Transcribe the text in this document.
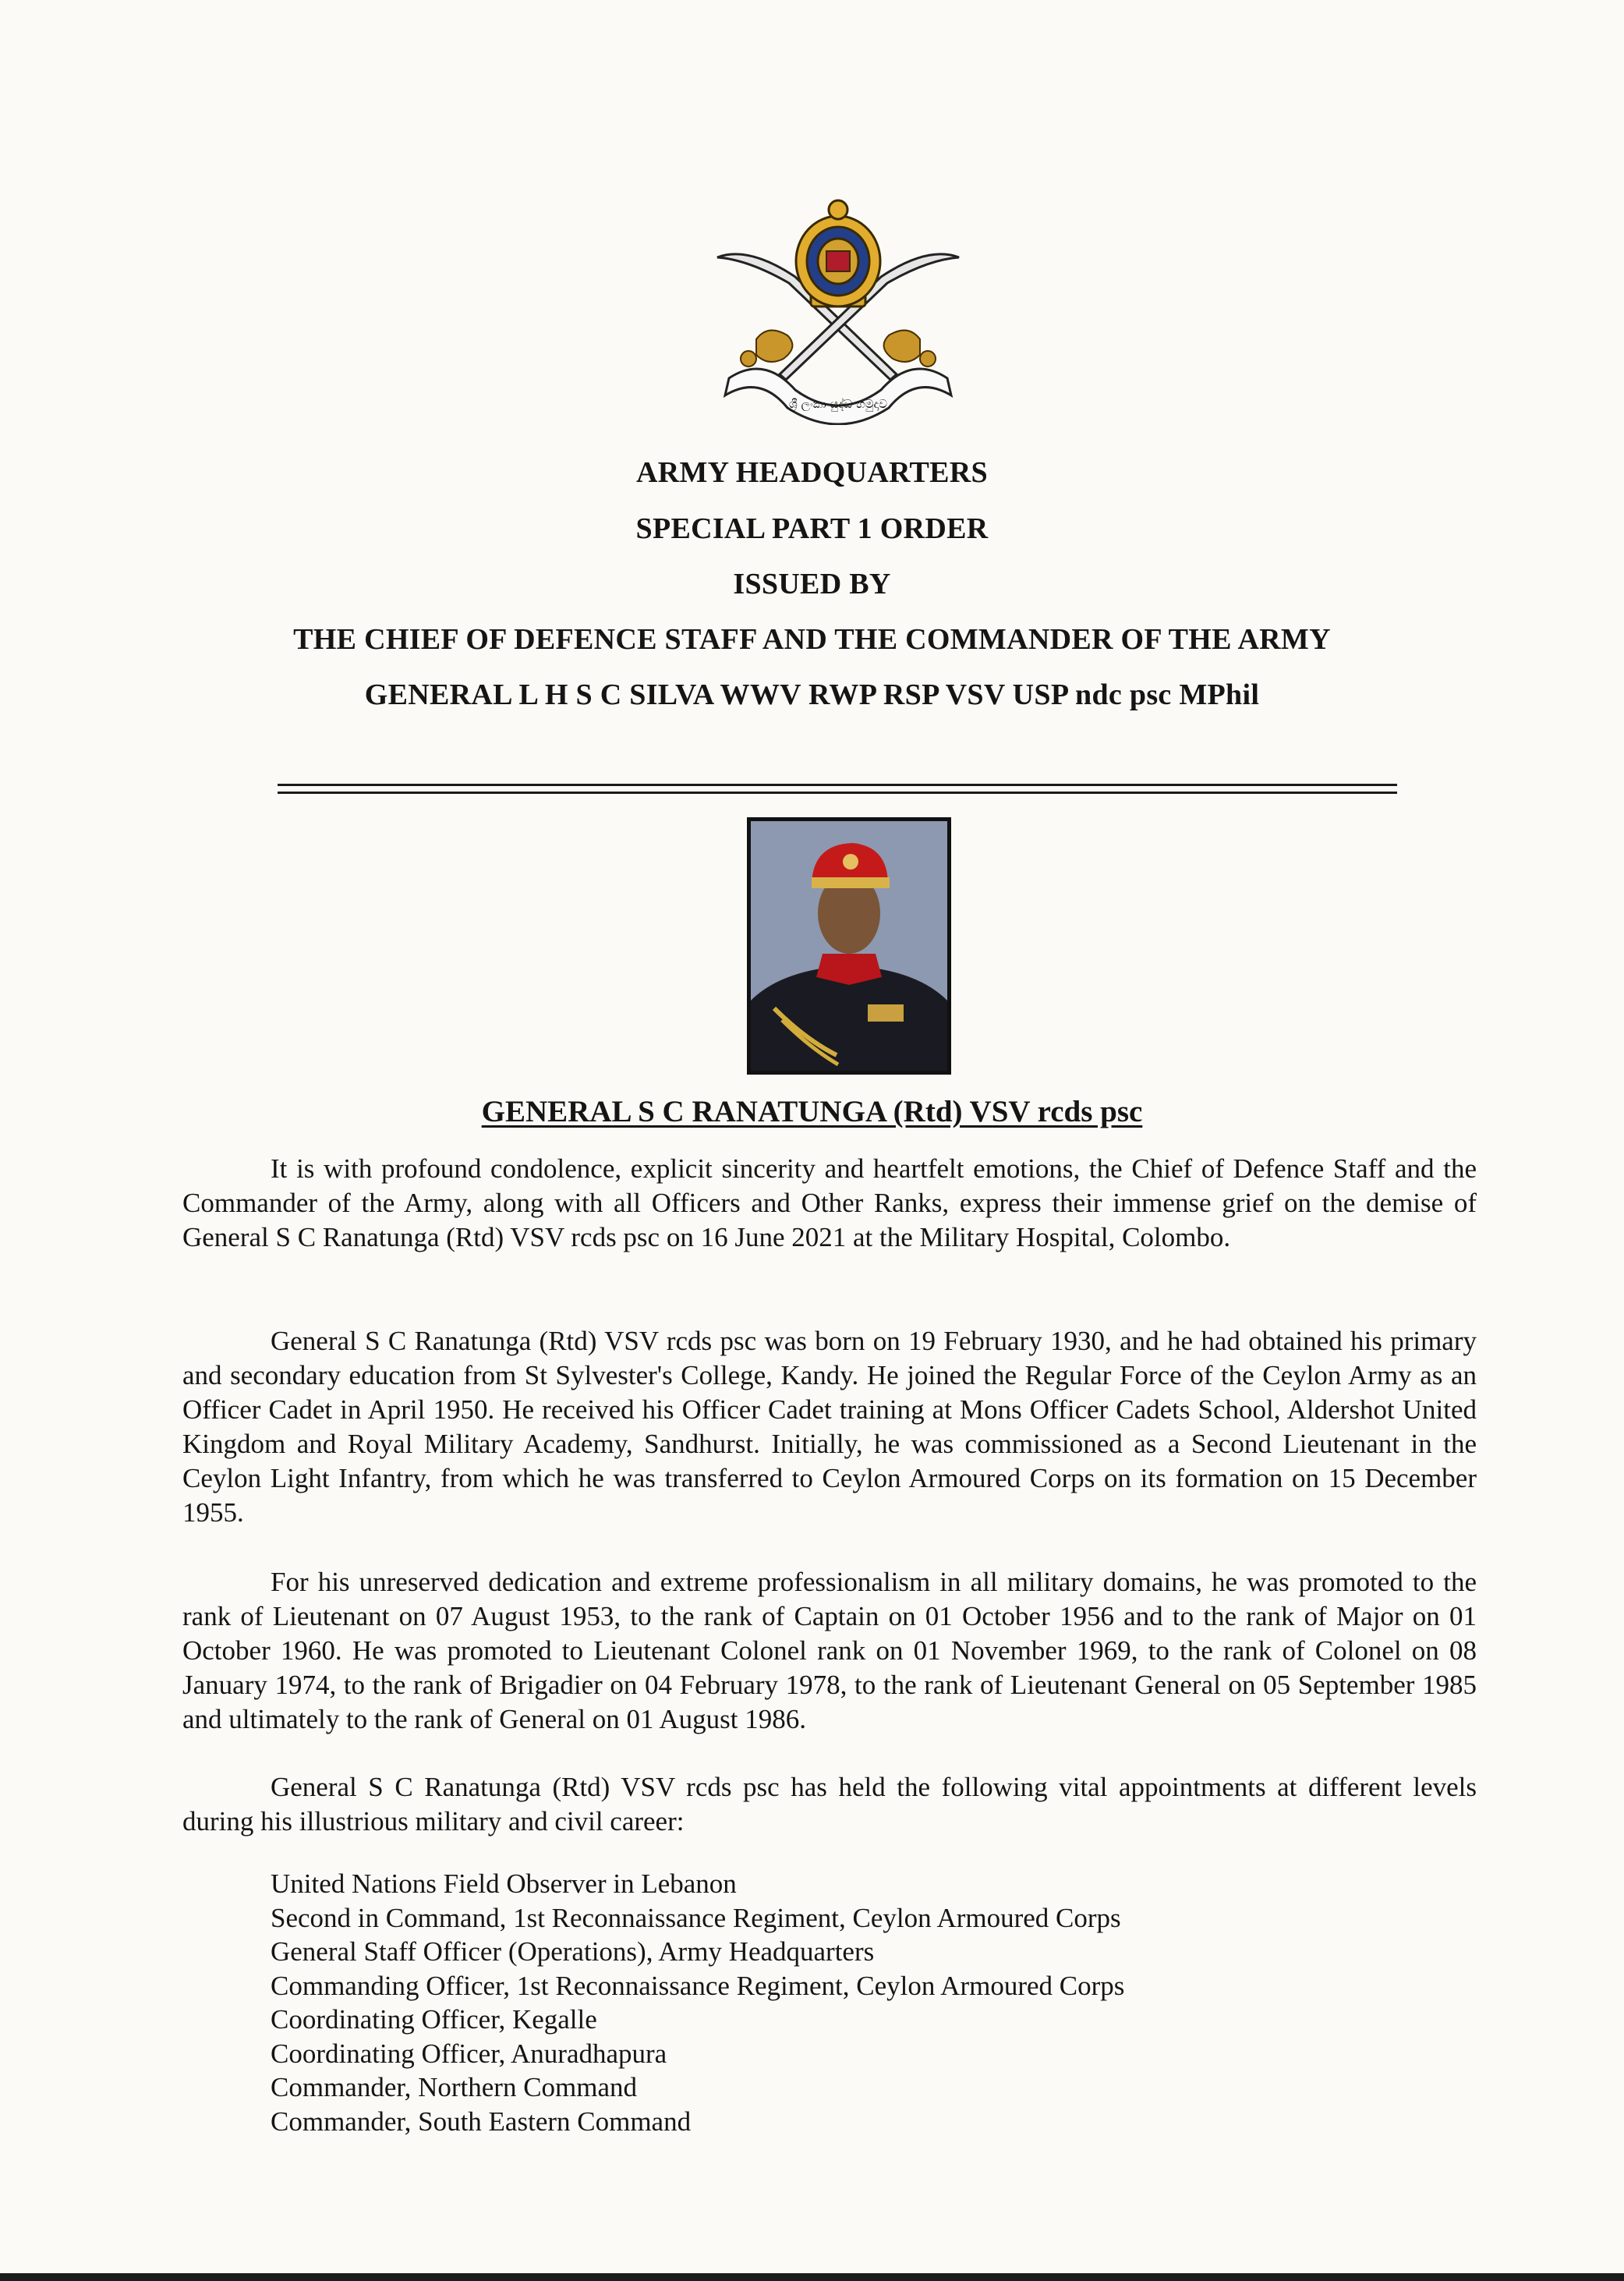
ශ්‍රී ලංකා යුද්ධ හමුදාව
ARMY HEADQUARTERS
SPECIAL PART 1 ORDER
ISSUED BY
THE CHIEF OF DEFENCE STAFF AND THE COMMANDER OF THE ARMY
GENERAL L H S C SILVA WWV RWP RSP VSV USP ndc psc MPhil
GENERAL S C RANATUNGA (Rtd) VSV rcds psc

It is with profound condolence, explicit sincerity and heartfelt emotions, the Chief of Defence Staff and the Commander of the Army, along with all Officers and Other Ranks, express their immense grief on the demise of General S C Ranatunga (Rtd) VSV rcds psc on 16 June 2021 at the Military Hospital, Colombo.

General S C Ranatunga (Rtd) VSV rcds psc was born on 19 February 1930, and he had obtained his primary and secondary education from St Sylvester's College, Kandy. He joined the Regular Force of the Ceylon Army as an Officer Cadet in April 1950. He received his Officer Cadet training at Mons Officer Cadets School, Aldershot United Kingdom and Royal Military Academy, Sandhurst. Initially, he was commissioned as a Second Lieutenant in the Ceylon Light Infantry, from which he was transferred to Ceylon Armoured Corps on its formation on 15 December 1955.

For his unreserved dedication and extreme professionalism in all military domains, he was promoted to the rank of Lieutenant on 07 August 1953, to the rank of Captain on 01 October 1956 and to the rank of Major on 01 October 1960. He was promoted to Lieutenant Colonel rank on 01 November 1969, to the rank of Colonel on 08 January 1974, to the rank of Brigadier on 04 February 1978, to the rank of Lieutenant General on 05 September 1985 and ultimately to the rank of General on 01 August 1986.

General S C Ranatunga (Rtd) VSV rcds psc has held the following vital appointments at different levels during his illustrious military and civil career:

United Nations Field Observer in Lebanon
Second in Command, 1st Reconnaissance Regiment, Ceylon Armoured Corps
General Staff Officer (Operations), Army Headquarters
Commanding Officer, 1st Reconnaissance Regiment, Ceylon Armoured Corps
Coordinating Officer, Kegalle
Coordinating Officer, Anuradhapura
Commander, Northern Command
Commander, South Eastern Command
